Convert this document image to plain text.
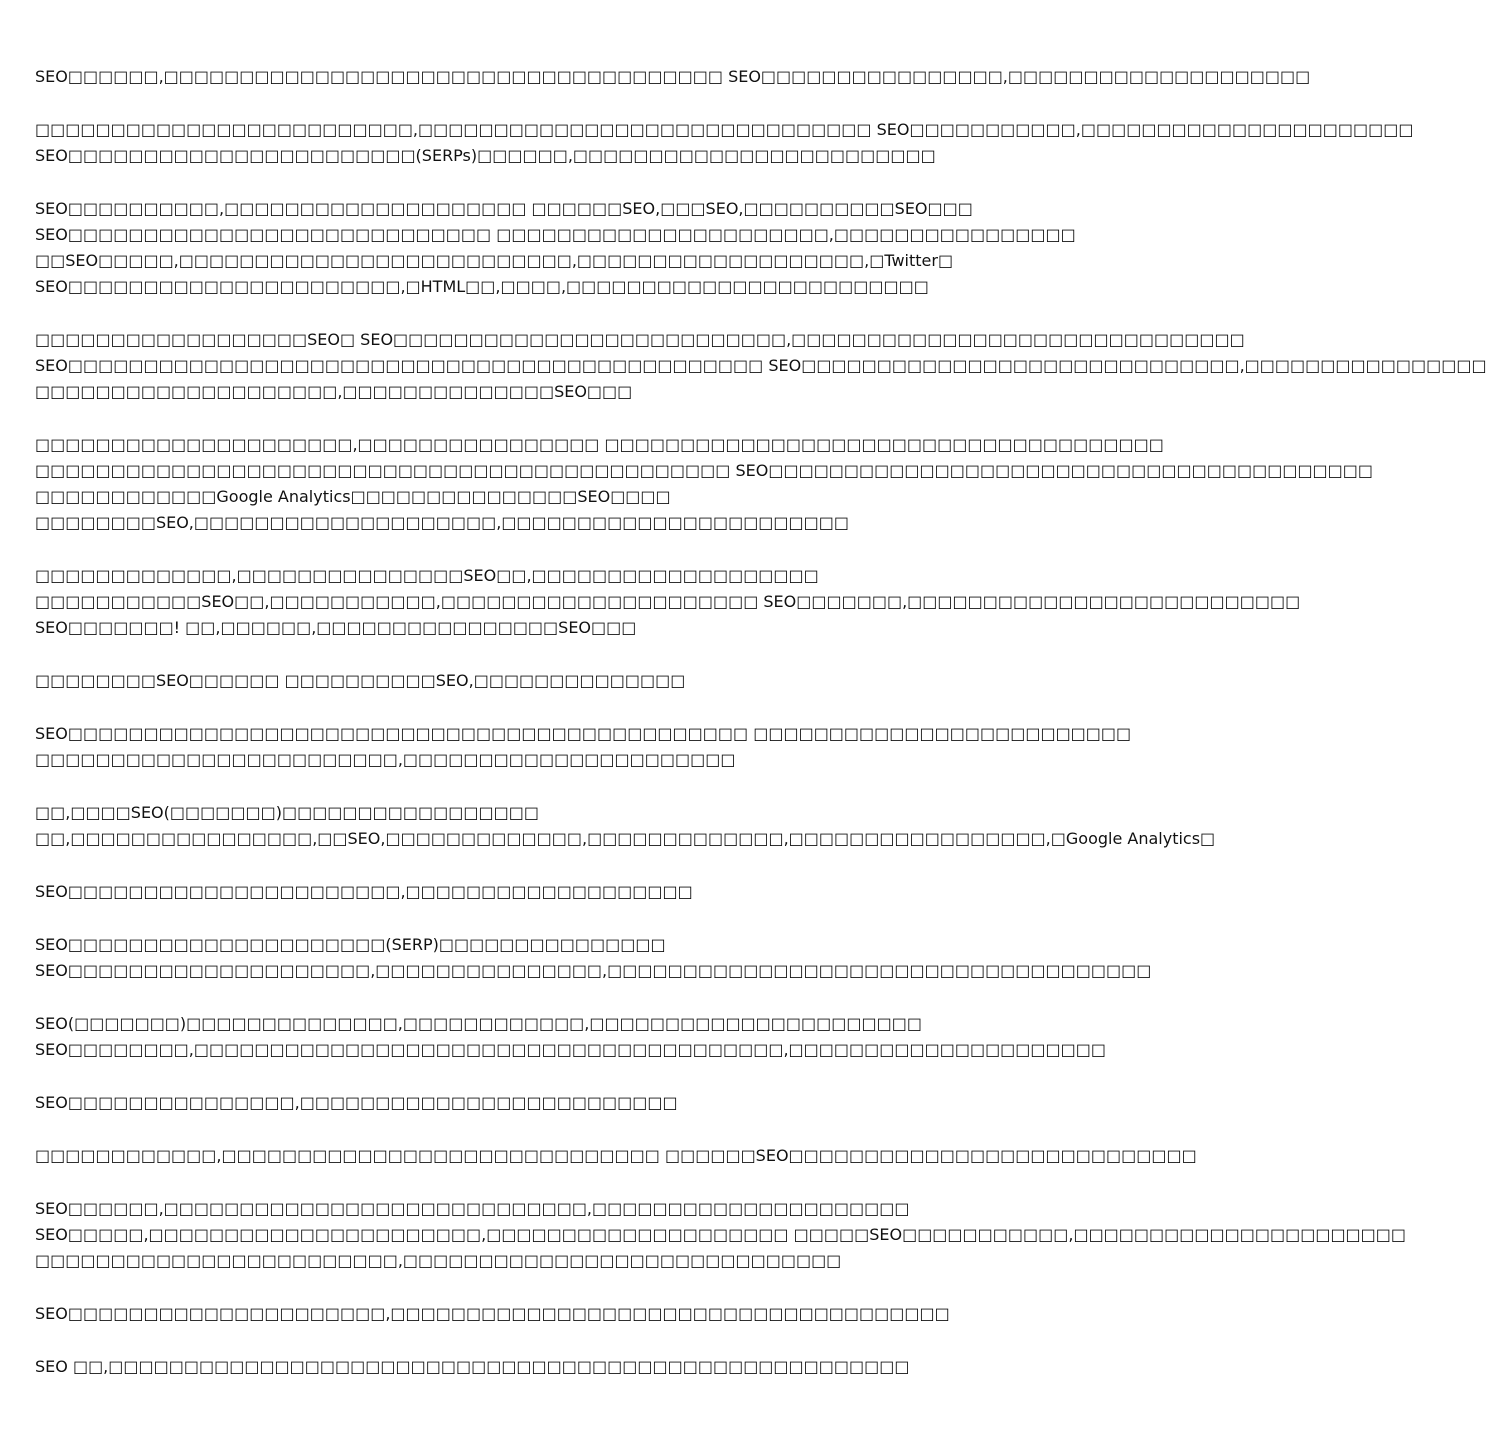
SEO□□□□□□,□□□□□□□□□□□□□□□□□□□□□□□□□□□□□□□□□□□□□ SEO□□□□□□□□□□□□□□□□,□□□□□□□□□□□□□□□□□□□□
□□□□□□□□□□□□□□□□□□□□□□□□□,□□□□□□□□□□□□□□□□□□□□□□□□□□□□□□ SEO□□□□□□□□□□□,□□□□□□□□□□□□□□□□□□□□□□
SEO□□□□□□□□□□□□□□□□□□□□□□□(SERPs)□□□□□□,□□□□□□□□□□□□□□□□□□□□□□□□
SEO□□□□□□□□□□,□□□□□□□□□□□□□□□□□□□□ □□□□□□SEO,□□□SEO,□□□□□□□□□□SEO□□□
SEO□□□□□□□□□□□□□□□□□□□□□□□□□□□□ □□□□□□□□□□□□□□□□□□□□□□,□□□□□□□□□□□□□□□□
□□SEO□□□□□,□□□□□□□□□□□□□□□□□□□□□□□□□□,□□□□□□□□□□□□□□□□□□□,□Twitter□
SEO□□□□□□□□□□□□□□□□□□□□□□,□HTML□□,□□□□,□□□□□□□□□□□□□□□□□□□□□□□□
□□□□□□□□□□□□□□□□□□SEO□ SEO□□□□□□□□□□□□□□□□□□□□□□□□□□,□□□□□□□□□□□□□□□□□□□□□□□□□□□□□□
SEO□□□□□□□□□□□□□□□□□□□□□□□□□□□□□□□□□□□□□□□□□□□□□□ SEO□□□□□□□□□□□□□□□□□□□□□□□□□□□□□,□□□□□□□□□□□□□□□□
□□□□□□□□□□□□□□□□□□□□,□□□□□□□□□□□□□□SEO□□□
□□□□□□□□□□□□□□□□□□□□□,□□□□□□□□□□□□□□□□ □□□□□□□□□□□□□□□□□□□□□□□□□□□□□□□□□□□□□
□□□□□□□□□□□□□□□□□□□□□□□□□□□□□□□□□□□□□□□□□□□□□□ SEO□□□□□□□□□□□□□□□□□□□□□□□□□□□□□□□□□□□□□□□□
□□□□□□□□□□□□Google Analytics□□□□□□□□□□□□□□□SEO□□□□
□□□□□□□□SEO,□□□□□□□□□□□□□□□□□□□□,□□□□□□□□□□□□□□□□□□□□□□□
□□□□□□□□□□□□□,□□□□□□□□□□□□□□□SEO□□,□□□□□□□□□□□□□□□□□□□
□□□□□□□□□□□SEO□□,□□□□□□□□□□□,□□□□□□□□□□□□□□□□□□□□□ SEO□□□□□□□,□□□□□□□□□□□□□□□□□□□□□□□□□□
SEO□□□□□□□! □□,□□□□□□,□□□□□□□□□□□□□□□□SEO□□□
□□□□□□□□SEO□□□□□□ □□□□□□□□□□SEO,□□□□□□□□□□□□□□
SEO□□□□□□□□□□□□□□□□□□□□□□□□□□□□□□□□□□□□□□□□□□□□□ □□□□□□□□□□□□□□□□□□□□□□□□□
□□□□□□□□□□□□□□□□□□□□□□□□,□□□□□□□□□□□□□□□□□□□□□□
□□,□□□□SEO(□□□□□□□)□□□□□□□□□□□□□□□□□
□□,□□□□□□□□□□□□□□□□,□□SEO,□□□□□□□□□□□□□,□□□□□□□□□□□□□,□□□□□□□□□□□□□□□□□,□Google Analytics□
SEO□□□□□□□□□□□□□□□□□□□□□□,□□□□□□□□□□□□□□□□□□□
SEO□□□□□□□□□□□□□□□□□□□□□(SERP)□□□□□□□□□□□□□□□
SEO□□□□□□□□□□□□□□□□□□□□,□□□□□□□□□□□□□□□,□□□□□□□□□□□□□□□□□□□□□□□□□□□□□□□□□□□□
SEO(□□□□□□□)□□□□□□□□□□□□□□,□□□□□□□□□□□□,□□□□□□□□□□□□□□□□□□□□□□
SEO□□□□□□□□,□□□□□□□□□□□□□□□□□□□□□□□□□□□□□□□□□□□□□□□,□□□□□□□□□□□□□□□□□□□□□
SEO□□□□□□□□□□□□□□□,□□□□□□□□□□□□□□□□□□□□□□□□□
□□□□□□□□□□□□,□□□□□□□□□□□□□□□□□□□□□□□□□□□□□ □□□□□□SEO□□□□□□□□□□□□□□□□□□□□□□□□□□□
SEO□□□□□□,□□□□□□□□□□□□□□□□□□□□□□□□□□□□,□□□□□□□□□□□□□□□□□□□□□
SEO□□□□□,□□□□□□□□□□□□□□□□□□□□□□,□□□□□□□□□□□□□□□□□□□□ □□□□□SEO□□□□□□□□□□□,□□□□□□□□□□□□□□□□□□□□□□
□□□□□□□□□□□□□□□□□□□□□□□□,□□□□□□□□□□□□□□□□□□□□□□□□□□□□□
SEO□□□□□□□□□□□□□□□□□□□□□,□□□□□□□□□□□□□□□□□□□□□□□□□□□□□□□□□□□□□
SEO □□,□□□□□□□□□□□□□□□□□□□□□□□□□□□□□□□□□□□□□□□□□□□□□□□□□□□□□
